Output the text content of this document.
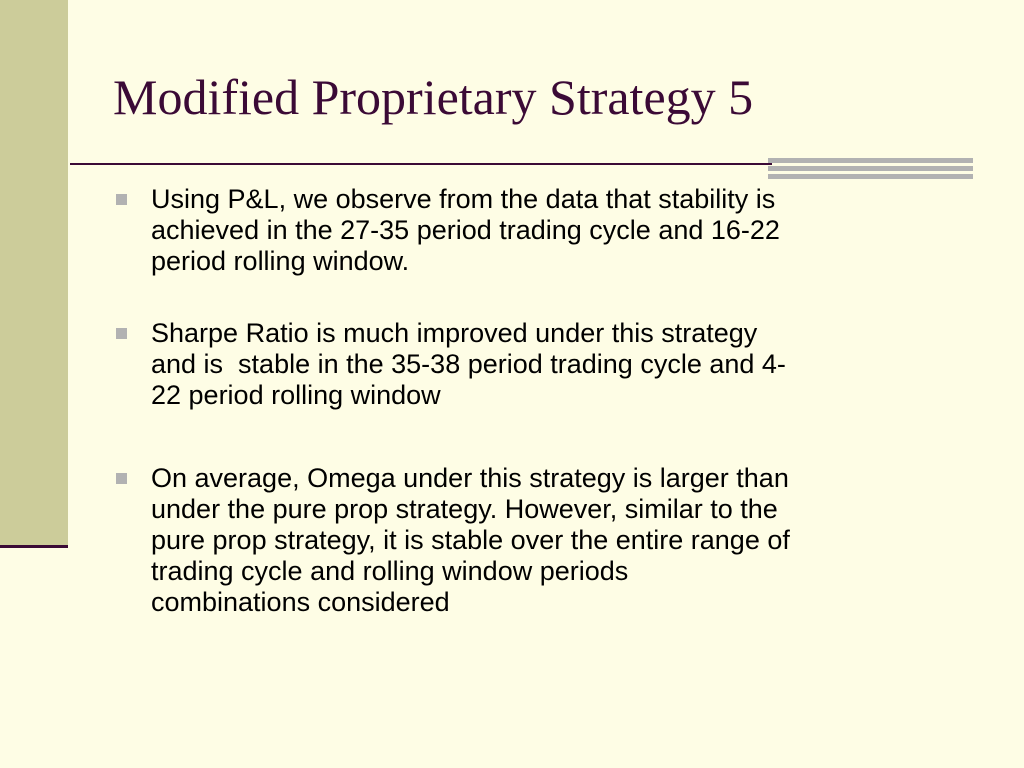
Modified Proprietary Strategy 5
Using P&L, we observe from the data that stability is
achieved in the 27-35 period trading cycle and 16-22
period rolling window.
Sharpe Ratio is much improved under this strategy
and is  stable in the 35-38 period trading cycle and 4-
22 period rolling window
On average, Omega under this strategy is larger than
under the pure prop strategy. However, similar to the
pure prop strategy, it is stable over the entire range of
trading cycle and rolling window periods
combinations considered
